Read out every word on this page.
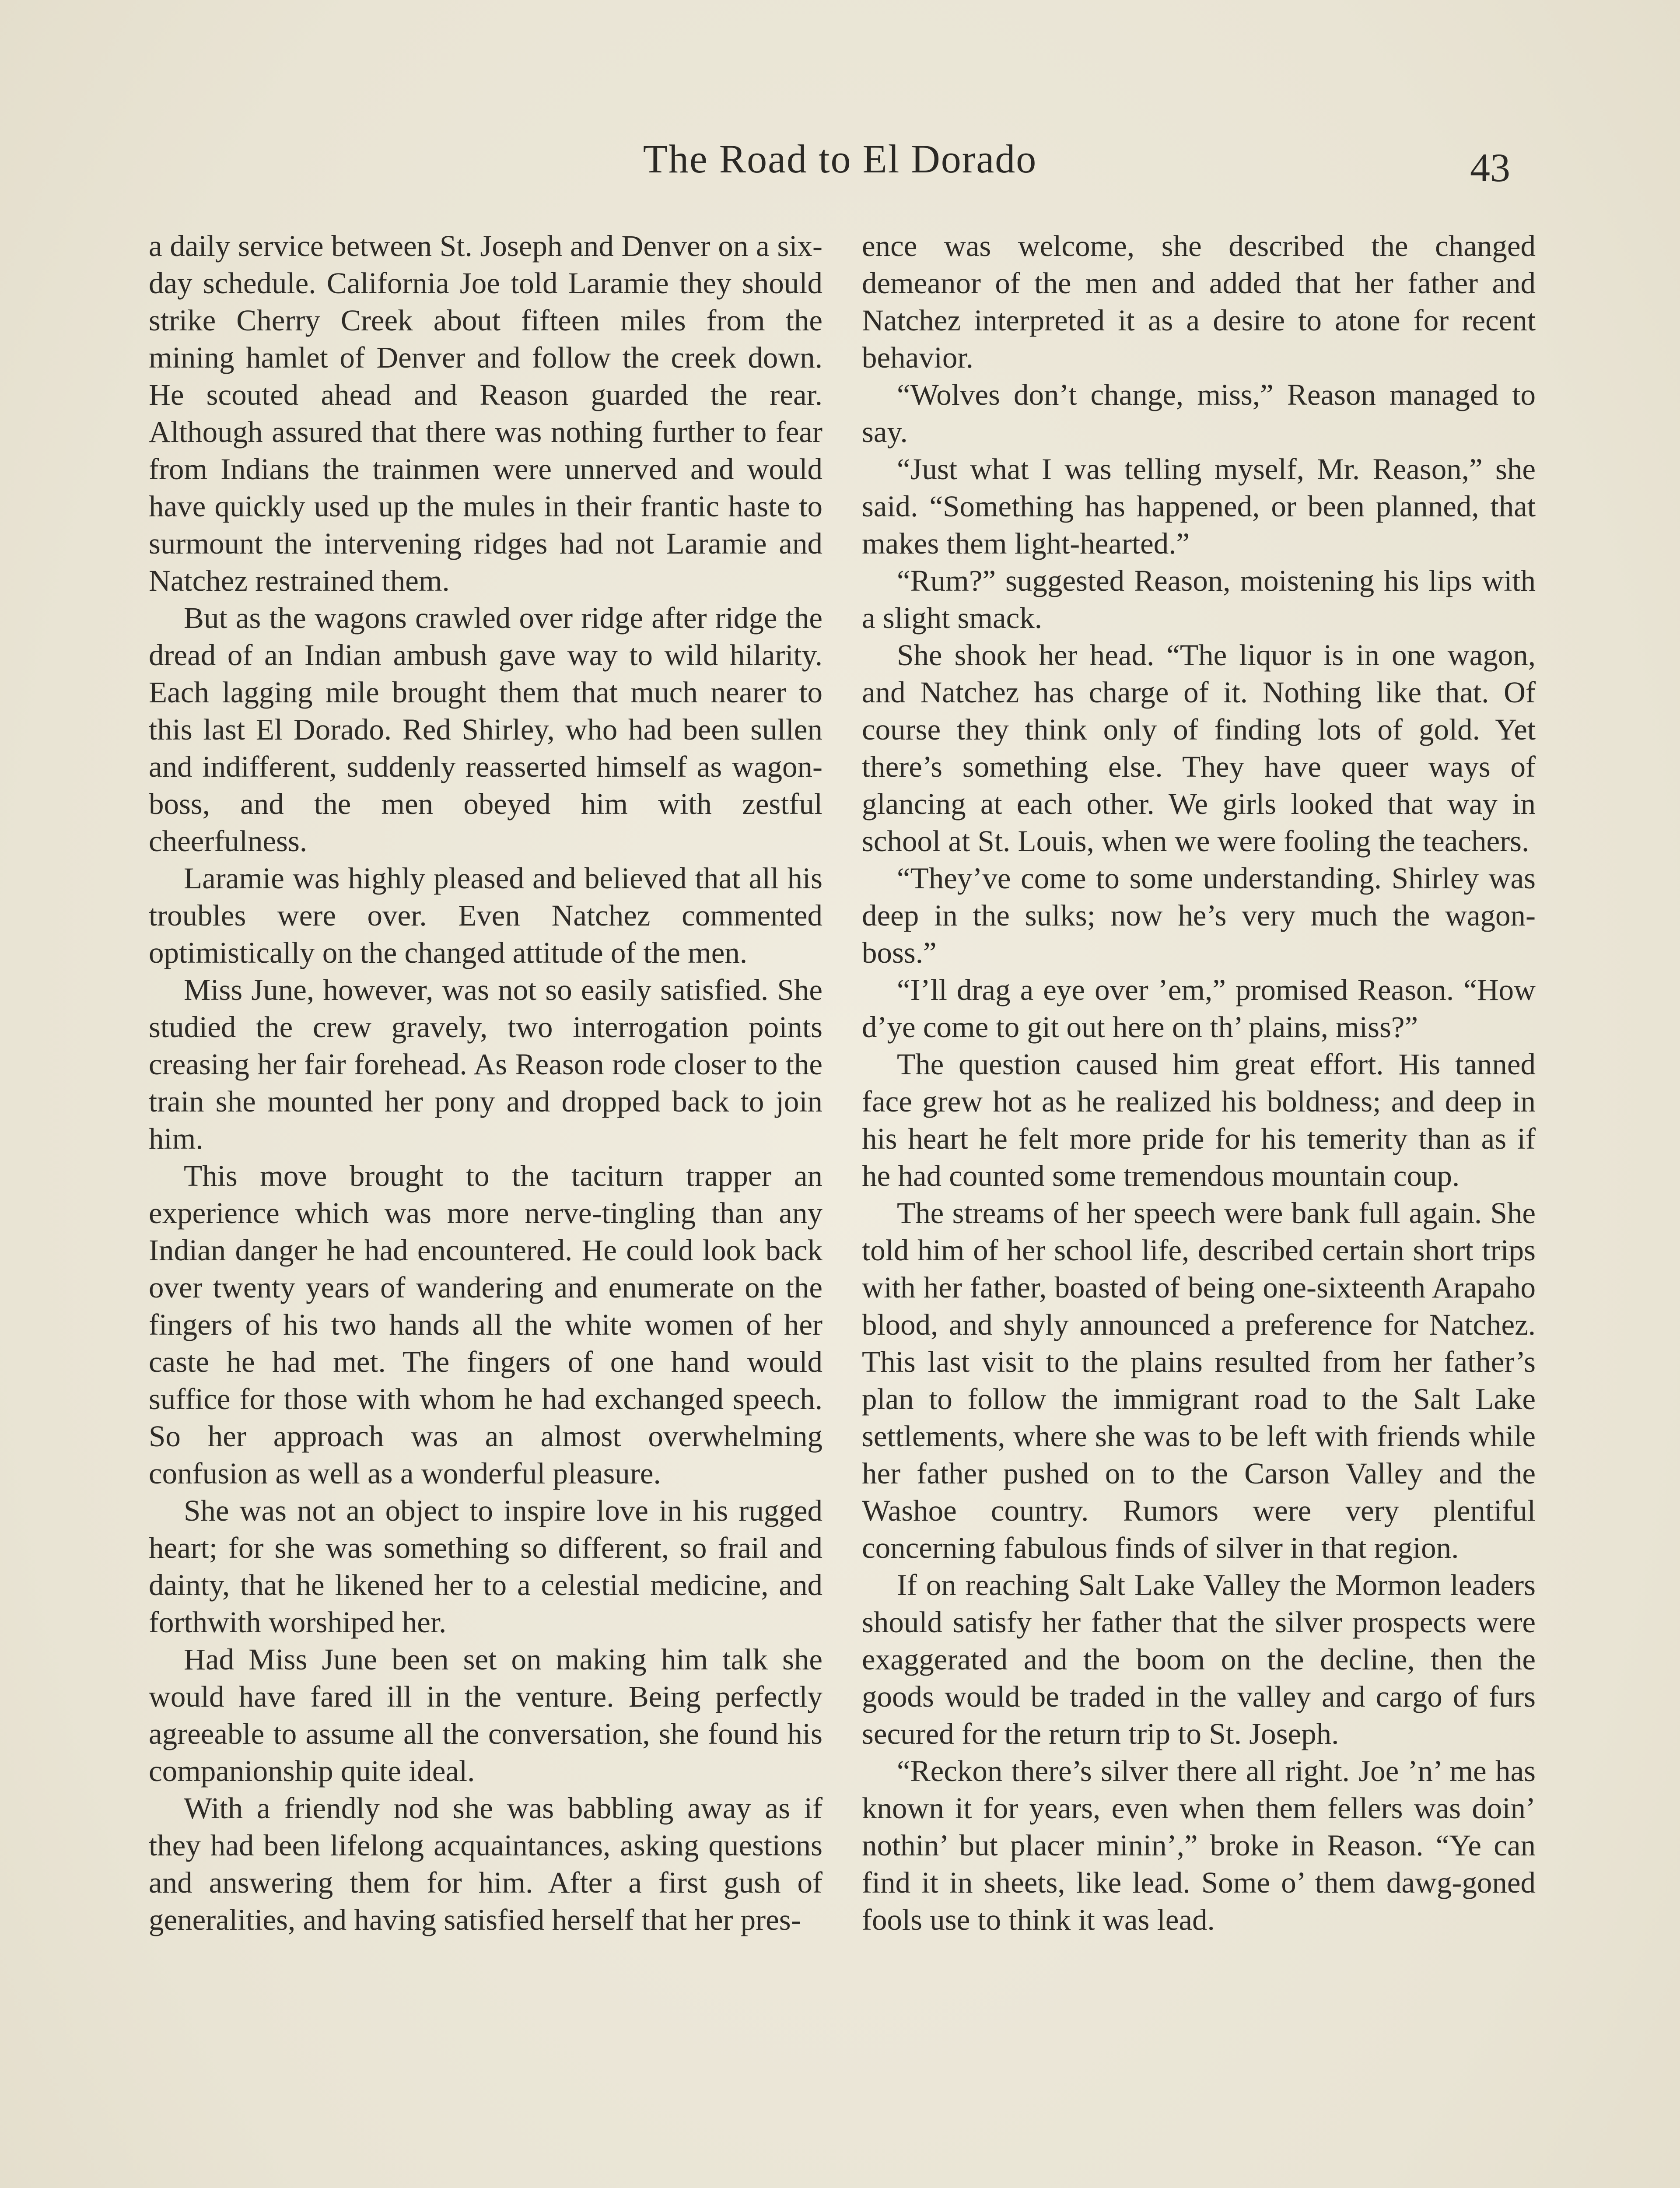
The Road to El Dorado	43

a daily service between St. Joseph and Denver on a six-day schedule. California Joe told Laramie they should strike Cherry Creek about fifteen miles from the mining hamlet of Denver and follow the creek down. He scouted ahead and Reason guarded the rear. Although assured that there was nothing further to fear from Indians the trainmen were unnerved and would have quickly used up the mules in their frantic haste to surmount the intervening ridges had not Laramie and Natchez restrained them.

But as the wagons crawled over ridge after ridge the dread of an Indian ambush gave way to wild hilarity. Each lagging mile brought them that much nearer to this last El Dorado. Red Shirley, who had been sullen and indifferent, suddenly reasserted himself as wagon-boss, and the men obeyed him with zestful cheerfulness.

Laramie was highly pleased and believed that all his troubles were over. Even Natchez commented optimistically on the changed attitude of the men.

Miss June, however, was not so easily satisfied. She studied the crew gravely, two interrogation points creasing her fair forehead. As Reason rode closer to the train she mounted her pony and dropped back to join him.

This move brought to the taciturn trapper an experience which was more nerve-tingling than any Indian danger he had encountered. He could look back over twenty years of wandering and enumerate on the fingers of his two hands all the white women of her caste he had met. The fingers of one hand would suffice for those with whom he had exchanged speech. So her approach was an almost overwhelming confusion as well as a wonderful pleasure.

She was not an object to inspire love in his rugged heart; for she was something so different, so frail and dainty, that he likened her to a celestial medicine, and forthwith worshiped her.

Had Miss June been set on making him talk she would have fared ill in the venture. Being perfectly agreeable to assume all the conversation, she found his companionship quite ideal.

With a friendly nod she was babbling away as if they had been lifelong acquaintances, asking questions and answering them for him. After a first gush of generalities, and having satisfied herself that her pres-

ence was welcome, she described the changed demeanor of the men and added that her father and Natchez interpreted it as a desire to atone for recent behavior.

“Wolves don’t change, miss,” Reason managed to say.

“Just what I was telling myself, Mr. Reason,” she said. “Something has happened, or been planned, that makes them light-hearted.”

“Rum?” suggested Reason, moistening his lips with a slight smack.

She shook her head. “The liquor is in one wagon, and Natchez has charge of it. Nothing like that. Of course they think only of finding lots of gold. Yet there’s something else. They have queer ways of glancing at each other. We girls looked that way in school at St. Louis, when we were fooling the teachers.

“They’ve come to some understanding. Shirley was deep in the sulks; now he’s very much the wagon-boss.”

“I’ll drag a eye over ’em,” promised Reason. “How d’ye come to git out here on th’ plains, miss?”

The question caused him great effort. His tanned face grew hot as he realized his boldness; and deep in his heart he felt more pride for his temerity than as if he had counted some tremendous mountain coup.

The streams of her speech were bank full again. She told him of her school life, described certain short trips with her father, boasted of being one-sixteenth Arapaho blood, and shyly announced a preference for Natchez. This last visit to the plains resulted from her father’s plan to follow the immigrant road to the Salt Lake settlements, where she was to be left with friends while her father pushed on to the Carson Valley and the Washoe country. Rumors were very plentiful concerning fabulous finds of silver in that region.

If on reaching Salt Lake Valley the Mormon leaders should satisfy her father that the silver prospects were exaggerated and the boom on the decline, then the goods would be traded in the valley and cargo of furs secured for the return trip to St. Joseph.

“Reckon there’s silver there all right. Joe ’n’ me has known it for years, even when them fellers was doin’ nothin’ but placer minin’,” broke in Reason. “Ye can find it in sheets, like lead. Some o’ them dawg-goned fools use to think it was lead.
